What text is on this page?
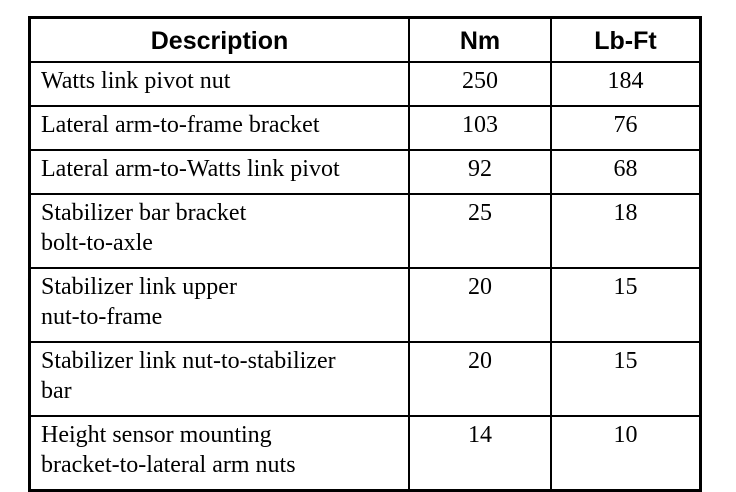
Description	Nm	Lb-Ft
Watts link pivot nut	250	184
Lateral arm-to-frame bracket	103	76
Lateral arm-to-Watts link pivot	92	68
Stabilizer bar bracket
bolt-to-axle	25	18
Stabilizer link upper
nut-to-frame	20	15
Stabilizer link nut-to-stabilizer
bar	20	15
Height sensor mounting
bracket-to-lateral arm nuts	14	10
